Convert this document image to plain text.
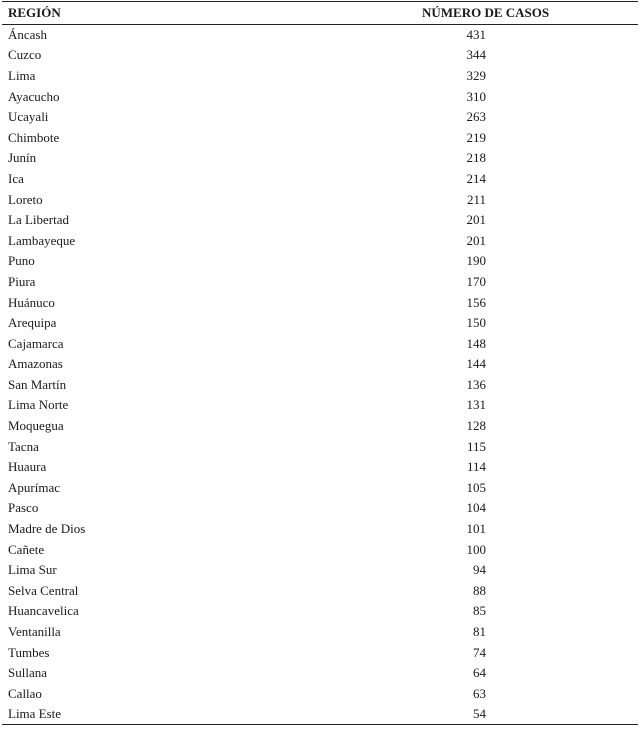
REGIÓN	NÚMERO DE CASOS
Áncash	431
Cuzco	344
Lima	329
Ayacucho	310
Ucayali	263
Chimbote	219
Junín	218
Ica	214
Loreto	211
La Libertad	201
Lambayeque	201
Puno	190
Piura	170
Huánuco	156
Arequipa	150
Cajamarca	148
Amazonas	144
San Martín	136
Lima Norte	131
Moquegua	128
Tacna	115
Huaura	114
Apurímac	105
Pasco	104
Madre de Dios	101
Cañete	100
Lima Sur	94
Selva Central	88
Huancavelica	85
Ventanilla	81
Tumbes	74
Sullana	64
Callao	63
Lima Este	54
